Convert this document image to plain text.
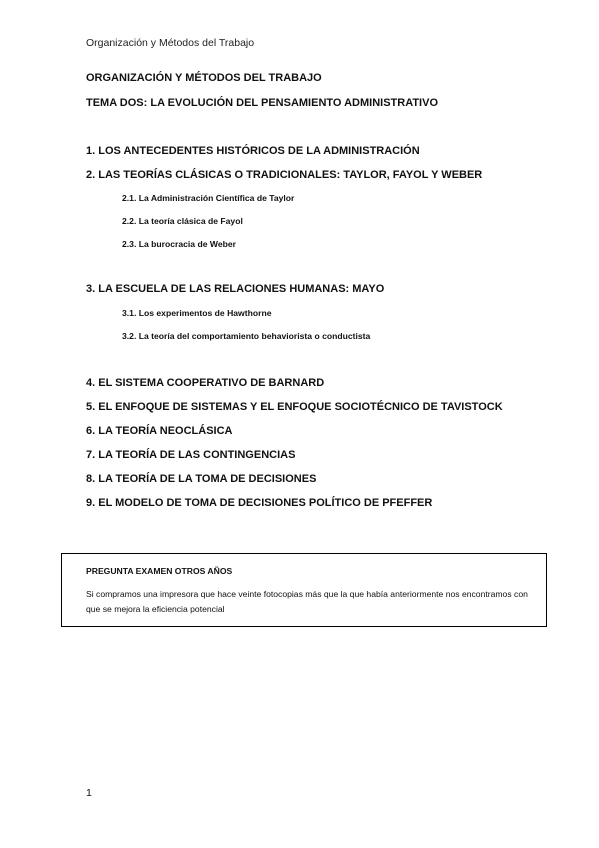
Organización y Métodos del Trabajo
ORGANIZACIÓN Y MÉTODOS DEL TRABAJO
TEMA DOS: LA EVOLUCIÓN DEL PENSAMIENTO ADMINISTRATIVO
1. LOS ANTECEDENTES HISTÓRICOS DE LA ADMINISTRACIÓN
2. LAS TEORÍAS CLÁSICAS O TRADICIONALES: TAYLOR, FAYOL Y WEBER
2.1. La Administración Científica de Taylor
2.2. La teoría clásica de Fayol
2.3. La burocracia de Weber
3. LA ESCUELA DE LAS RELACIONES HUMANAS: MAYO
3.1. Los experimentos de Hawthorne
3.2. La teoría del comportamiento behaviorista o conductista
4. EL SISTEMA COOPERATIVO DE BARNARD
5. EL ENFOQUE DE SISTEMAS Y EL ENFOQUE SOCIOTÉCNICO DE TAVISTOCK
6. LA TEORÍA NEOCLÁSICA
7. LA TEORÍA DE LAS CONTINGENCIAS
8. LA TEORÍA DE LA TOMA DE DECISIONES
9. EL MODELO DE TOMA DE DECISIONES POLÍTICO DE PFEFFER
PREGUNTA EXAMEN OTROS AÑOS
Si compramos una impresora que hace veinte fotocopias más que la que había anteriormente nos encontramos con que se mejora la eficiencia potencial
1
